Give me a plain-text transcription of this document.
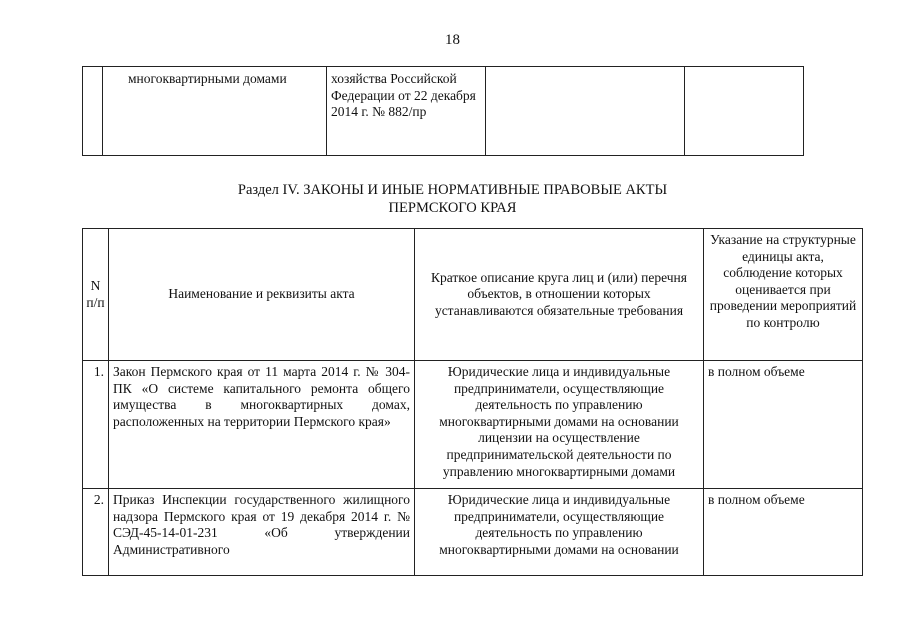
18
	многоквартирными домами	хозяйства Российской Федерации от 22 декабря 2014 г. № 882/пр		
Раздел IV. ЗАКОНЫ И ИНЫЕ НОРМАТИВНЫЕ ПРАВОВЫЕ АКТЫ
ПЕРМСКОГО КРАЯ
N п/п	Наименование и реквизиты акта	Краткое описание круга лиц и (или) перечня объектов, в отношении которых устанавливаются обязательные требования	Указание на структурные единицы акта, соблюдение которых оценивается при проведении мероприятий по контролю
1.	Закон Пермского края от 11 марта 2014 г. № 304-ПК «О системе капитального ремонта общего имущества в многоквартирных домах, расположенных на территории Пермского края»	Юридические лица и индивидуальные предприниматели, осуществляющие деятельность по управлению многоквартирными домами на основании лицензии на осуществление предпринимательской деятельности по управлению многоквартирными домами	в полном объеме
2.	Приказ Инспекции государственного жилищного надзора Пермского края от 19 декабря 2014 г. № СЭД-45-14-01-231 «Об утверждении Административного	Юридические лица и индивидуальные предприниматели, осуществляющие деятельность по управлению многоквартирными домами на основании	в полном объеме
